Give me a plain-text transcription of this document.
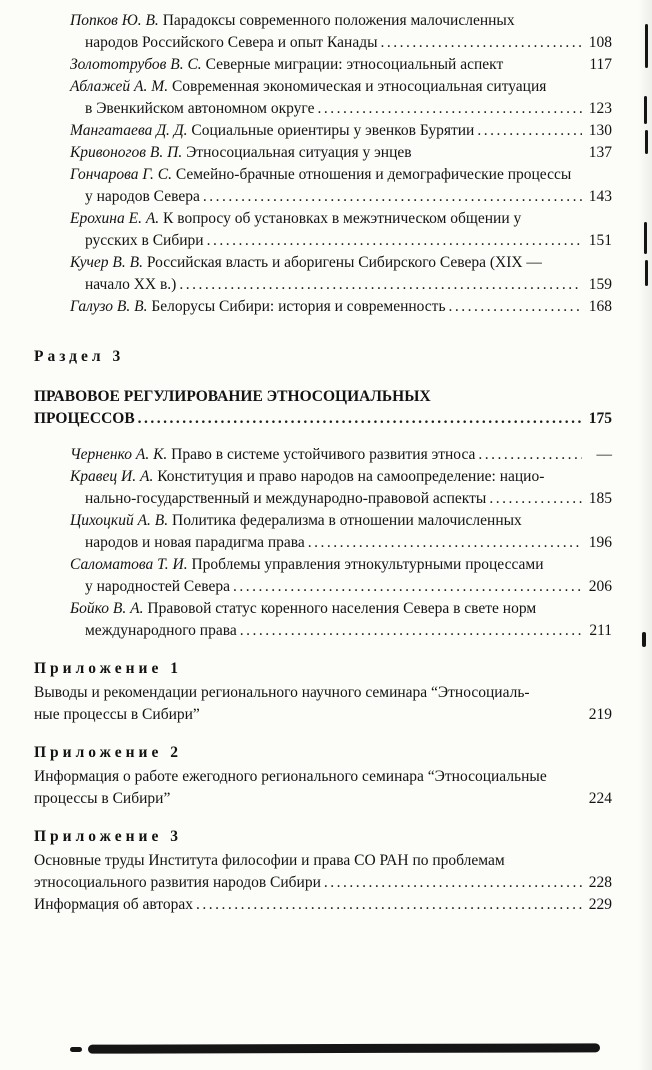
Попков Ю. В. Парадоксы современного положения малочисленных
народов Российского Севера и опыт Канады .....	108
Золототрубов В. С. Северные миграции: этносоциальный аспект	117
Аблажей А. М. Современная экономическая и этносоциальная ситуация
в Эвенкийском автономном округе .....	123
Мангатаева Д. Д. Социальные ориентиры у эвенков Бурятии .....	130
Кривоногов В. П. Этносоциальная ситуация у энцев	137
Гончарова Г. С. Семейно-брачные отношения и демографические процессы
у народов Севера .....	143
Ерохина Е. А. К вопросу об установках в межэтническом общении у
русских в Сибири .....	151
Кучер В. В. Российская власть и аборигены Сибирского Севера (XIX —
начало XX в.) .....	159
Галузо В. В. Белорусы Сибири: история и современность .....	168
Раздел 3
ПРАВОВОЕ РЕГУЛИРОВАНИЕ ЭТНОСОЦИАЛЬНЫХ
ПРОЦЕССОВ .....	175
Черненко А. К. Право в системе устойчивого развития этноса .....	—
Кравец И. А. Конституция и право народов на самоопределение: нацио-
нально-государственный и международно-правовой аспекты .....	185
Цихоцкий А. В. Политика федерализма в отношении малочисленных
народов и новая парадигма права .....	196
Саломатова Т. И. Проблемы управления этнокультурными процессами
у народностей Севера .....	206
Бойко В. А. Правовой статус коренного населения Севера в свете норм
международного права .....	211
Приложение 1
Выводы и рекомендации регионального научного семинара “Этносоциаль-
ные процессы в Сибири”	219
Приложение 2
Информация о работе ежегодного регионального семинара “Этносоциальные
процессы в Сибири”	224
Приложение 3
Основные труды Института философии и права СО РАН по проблемам
этносоциального развития народов Сибири .....	228
Информация об авторах .....	229
